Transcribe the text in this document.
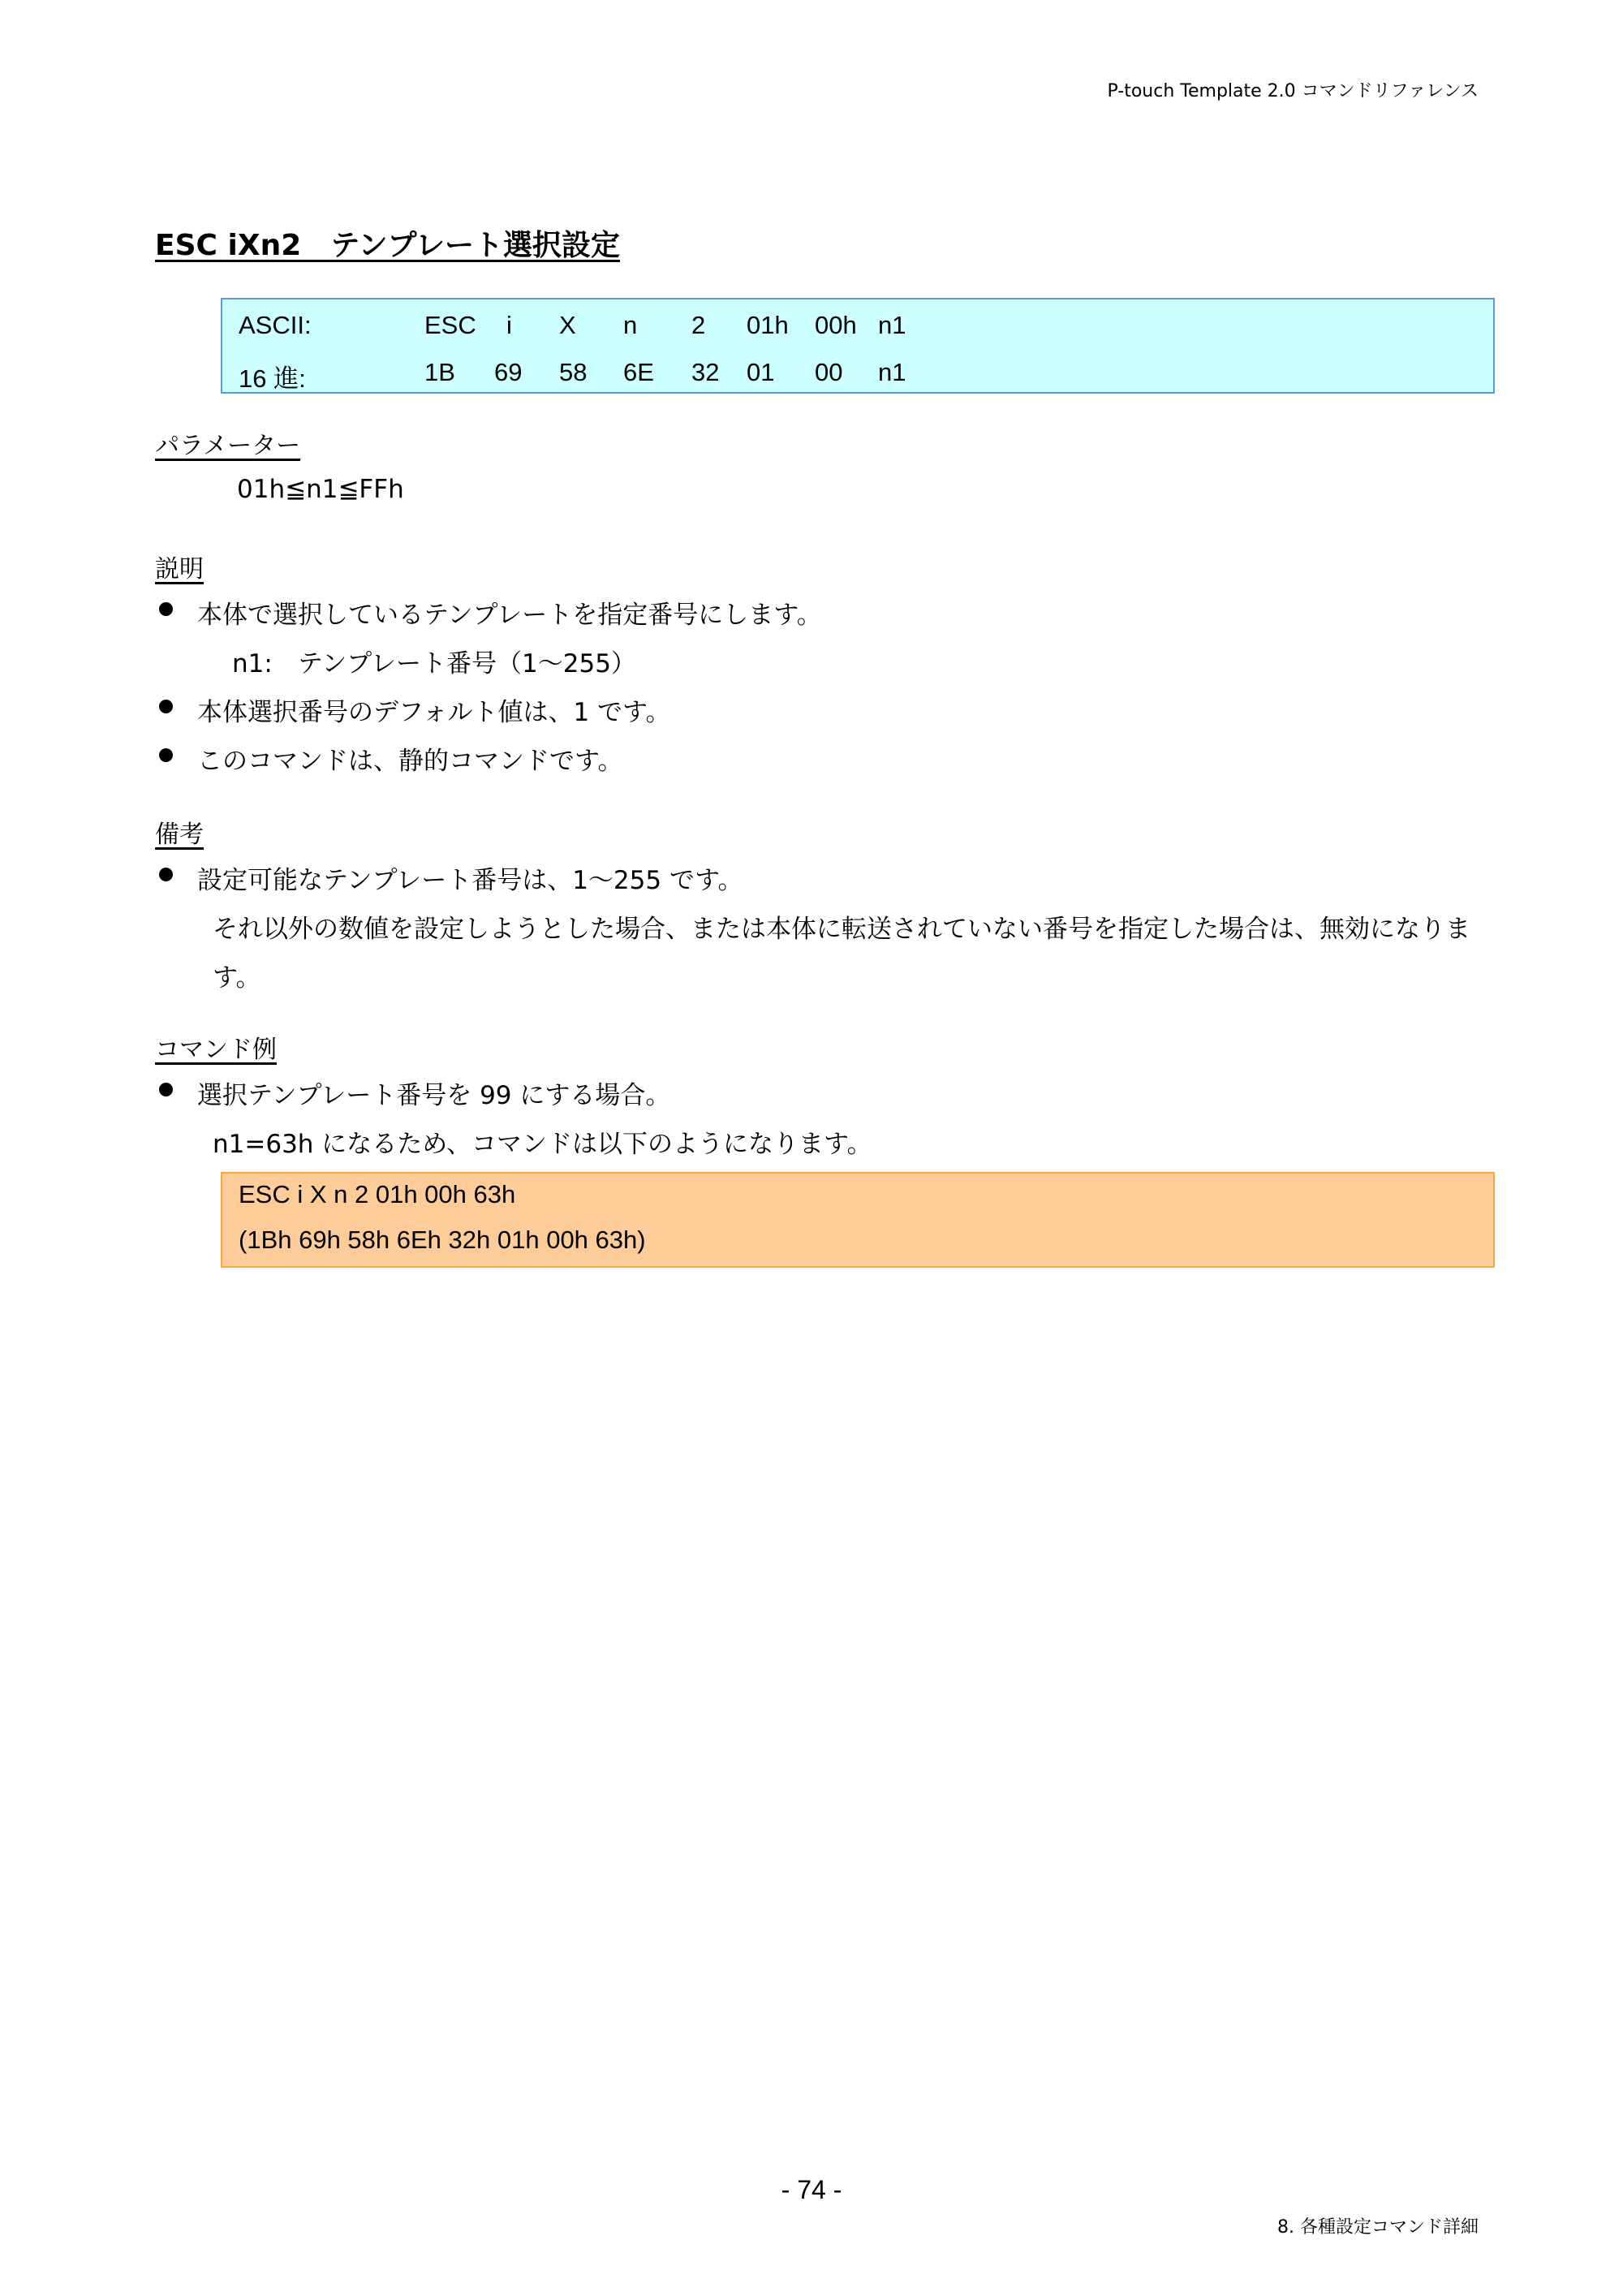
P-touch Template 2.0 コマンドリファレンス
ESC iXn2　テンプレート選択設定
ASCII:	ESC i X n 2 01h 00h n1
16 進:	1B 69 58 6E 32 01 00 n1
パラメーター
01h≦n1≦FFh
説明
本体で選択しているテンプレートを指定番号にします。
n1:　テンプレート番号（1～255）
本体選択番号のデフォルト値は、1 です。
このコマンドは、静的コマンドです。
備考
設定可能なテンプレート番号は、1～255 です。
それ以外の数値を設定しようとした場合、または本体に転送されていない番号を指定した場合は、無効になりま
す。
コマンド例
選択テンプレート番号を 99 にする場合。
n1=63h になるため、コマンドは以下のようになります。
ESC i X n 2 01h 00h 63h
(1Bh 69h 58h 6Eh 32h 01h 00h 63h)
- 74 -
8. 各種設定コマンド詳細
